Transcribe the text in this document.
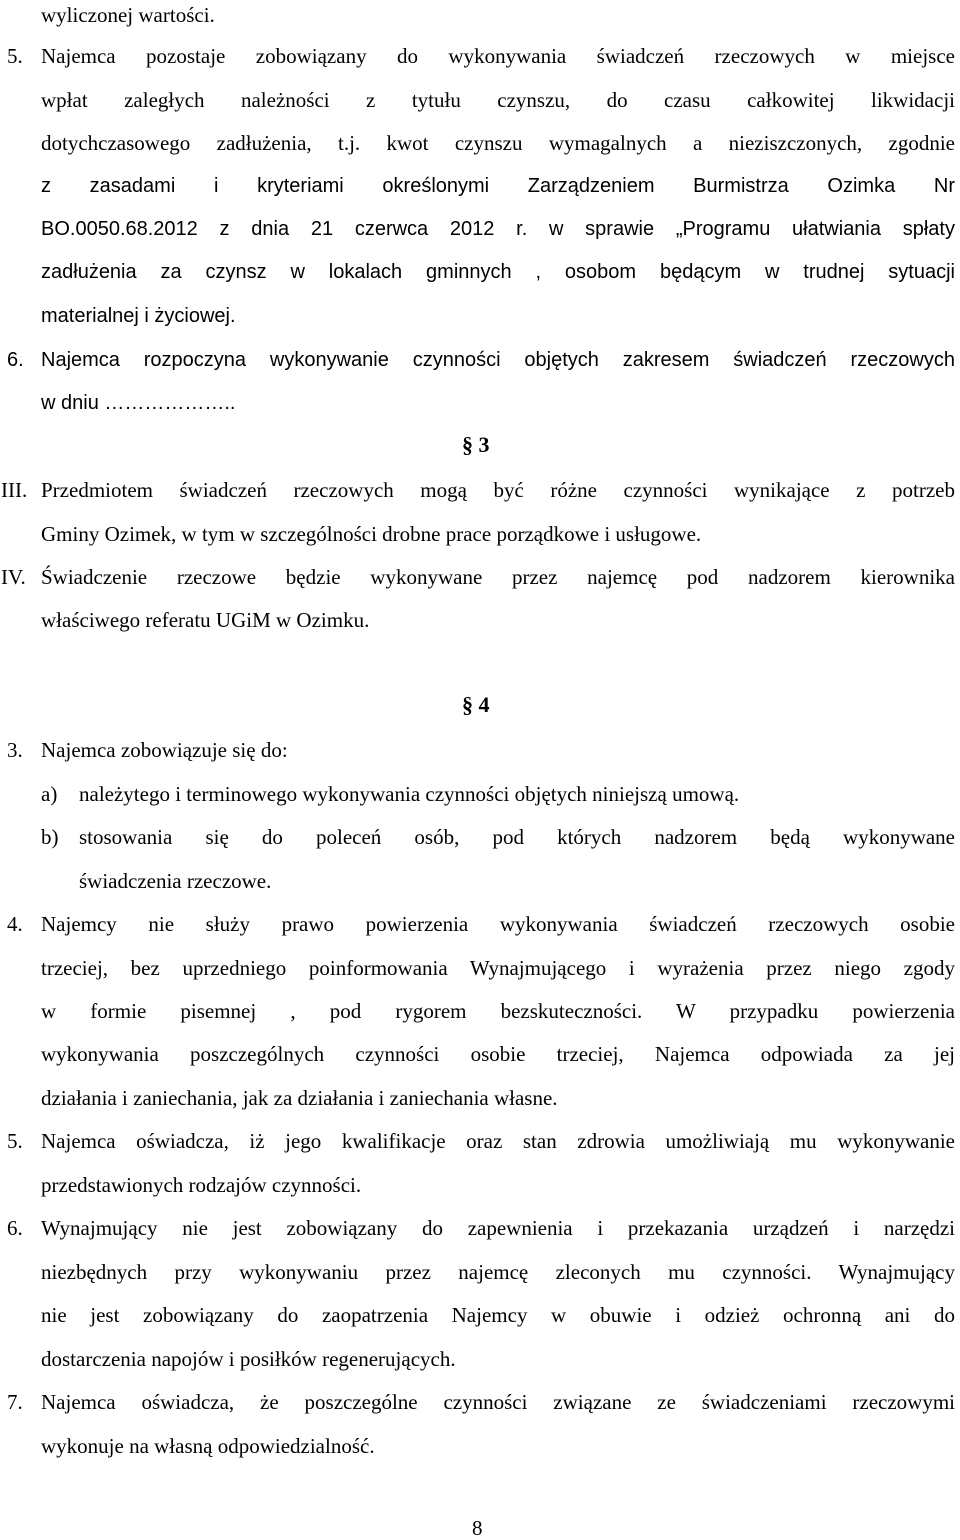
wyliczonej wartości.
5. Najemca pozostaje zobowiązany do wykonywania świadczeń rzeczowych w miejsce
wpłat zaległych należności z tytułu czynszu, do czasu całkowitej likwidacji
dotychczasowego zadłużenia, t.j. kwot czynszu wymagalnych a nieziszczonych, zgodnie
z zasadami i kryteriami określonymi Zarządzeniem Burmistrza Ozimka Nr
BO.0050.68.2012 z dnia 21 czerwca 2012 r. w sprawie „Programu ułatwiania spłaty
zadłużenia za czynsz w lokalach gminnych , osobom będącym w trudnej sytuacji
materialnej i życiowej.
6. Najemca rozpoczyna wykonywanie czynności objętych zakresem świadczeń rzeczowych
w dniu ………………..
§ 3
III. Przedmiotem świadczeń rzeczowych mogą być różne czynności wynikające z potrzeb
Gminy Ozimek, w tym w szczególności drobne prace porządkowe i usługowe.
IV. Świadczenie rzeczowe będzie wykonywane przez najemcę pod nadzorem kierownika
właściwego referatu UGiM w Ozimku.
§ 4
3. Najemca zobowiązuje się do:
a)	należytego i terminowego wykonywania czynności objętych niniejszą umową.
b) stosowania się do poleceń osób, pod których nadzorem będą wykonywane
świadczenia rzeczowe.
4. Najemcy nie służy prawo powierzenia wykonywania świadczeń rzeczowych osobie
trzeciej, bez uprzedniego poinformowania Wynajmującego i wyrażenia przez niego zgody
w formie pisemnej , pod rygorem bezskuteczności. W przypadku powierzenia
wykonywania poszczególnych czynności osobie trzeciej, Najemca odpowiada za jej
działania i zaniechania, jak za działania i zaniechania własne.
5. Najemca oświadcza, iż jego kwalifikacje oraz stan zdrowia umożliwiają mu wykonywanie
przedstawionych rodzajów czynności.
6. Wynajmujący nie jest zobowiązany do zapewnienia i przekazania urządzeń i narzędzi
niezbędnych przy wykonywaniu przez najemcę zleconych mu czynności. Wynajmujący
nie jest zobowiązany do zaopatrzenia Najemcy w obuwie i odzież ochronną ani do
dostarczenia napojów i posiłków regenerujących.
7. Najemca oświadcza, że poszczególne czynności związane ze świadczeniami rzeczowymi
wykonuje na własną odpowiedzialność.
8
